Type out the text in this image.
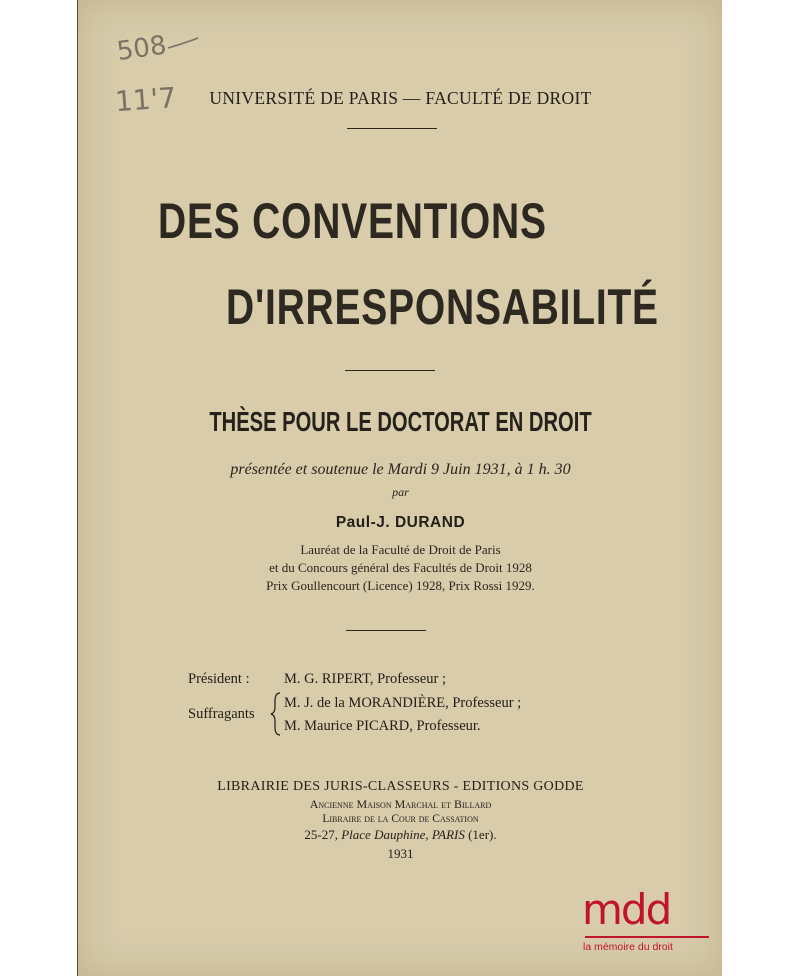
508
11'7	UNIVERSITÉ DE PARIS — FACULTÉ DE DROIT
DES CONVENTIONS
D'IRRESPONSABILITÉ
THÈSE POUR LE DOCTORAT EN DROIT
présentée et soutenue le Mardi 9 Juin 1931, à 1 h. 30
par
Paul-J. DURAND
Lauréat de la Faculté de Droit de Paris
et du Concours général des Facultés de Droit 1928
Prix Goullencourt (Licence) 1928, Prix Rossi 1929.
Président : M. G. RIPERT, Professeur ;
Suffragants
M. J. de la MORANDIÈRE, Professeur ;
M. Maurice PICARD, Professeur.
LIBRAIRIE DES JURIS-CLASSEURS - EDITIONS GODDE
Ancienne Maison Marchal et Billard
Libraire de la Cour de Cassation
25-27, Place Dauphine, PARIS (1er).
1931
mdd
la mémoire du droit
